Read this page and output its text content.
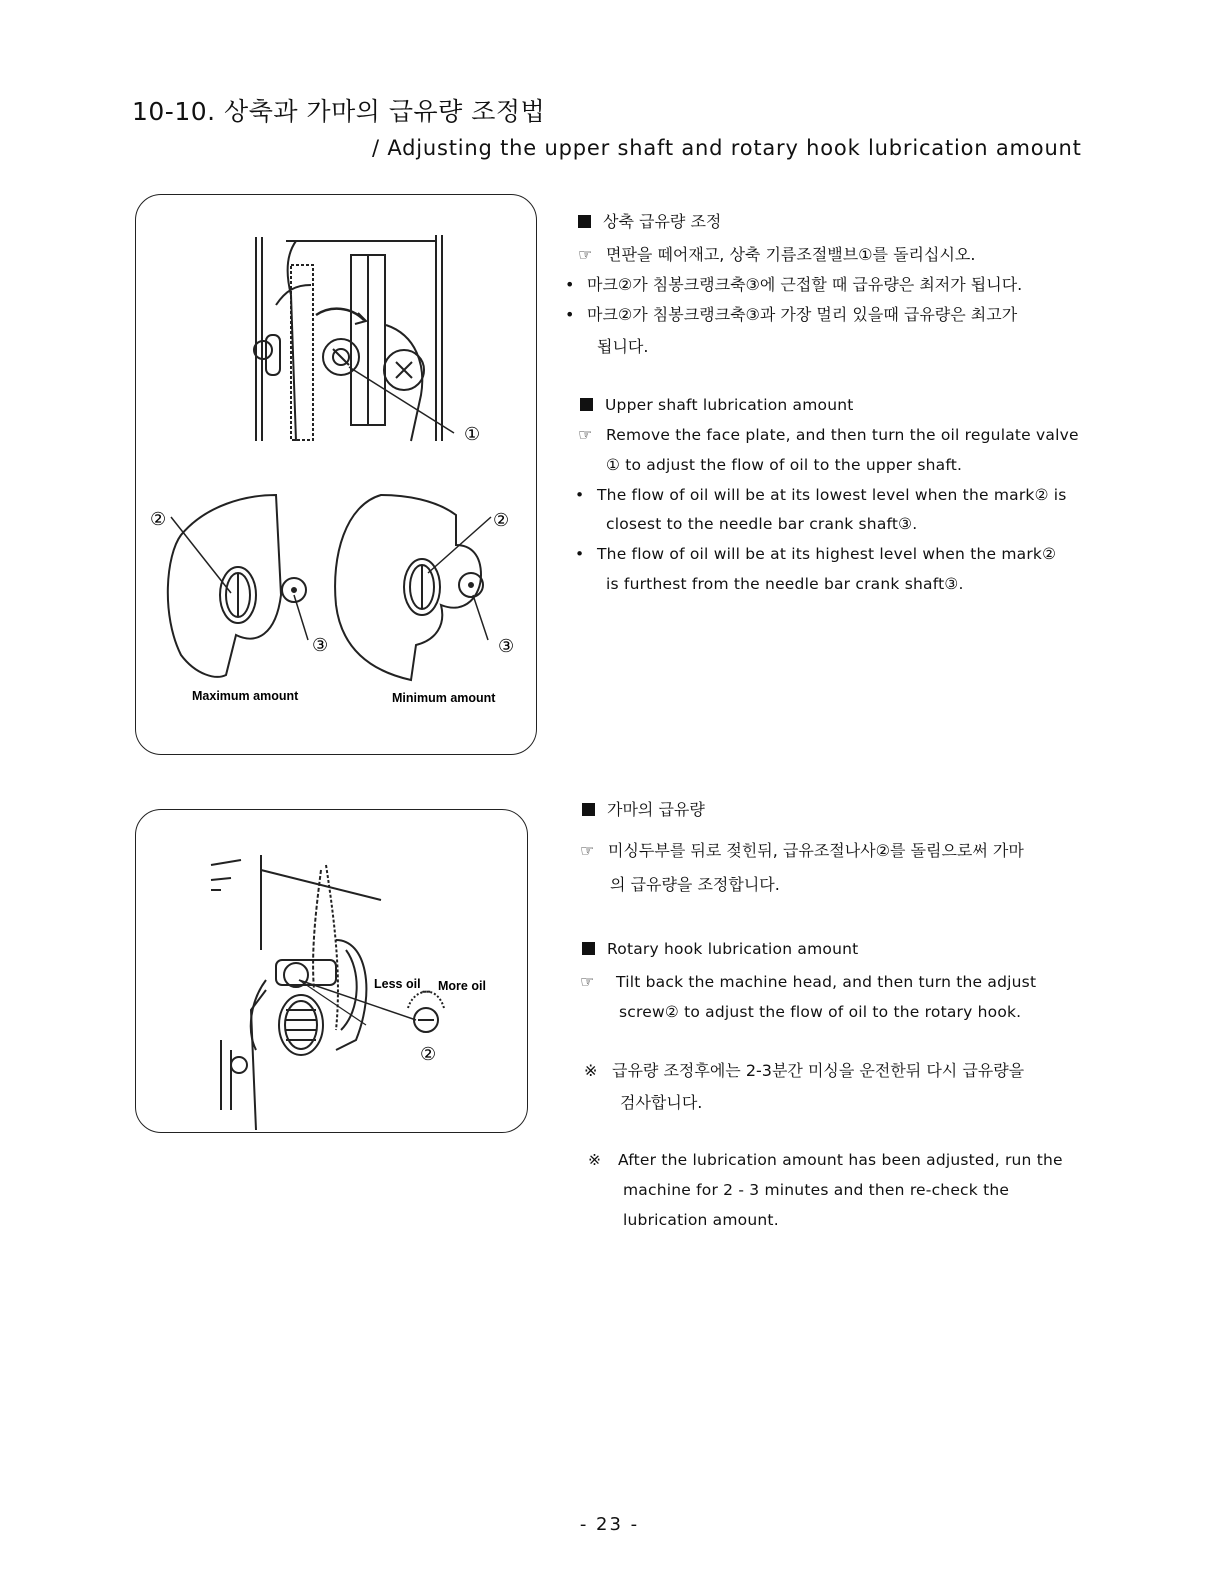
10-10. 상축과 가마의 급유량 조정법
/ Adjusting the upper shaft and rotary hook lubrication amount
①
②	②
③	③
Maximum amount	Minimum amount
Less oil More oil
②
상축 급유량 조정
☞ 면판을 떼어재고, 상축 기름조절밸브①를 돌리십시오.
• 마크②가 침봉크랭크축③에 근접할 때 급유량은 최저가 됩니다.
• 마크②가 침봉크랭크축③과 가장 멀리 있을때 급유량은 최고가
됩니다.
Upper shaft lubrication amount
☞ Remove the face plate, and then turn the oil regulate valve
① to adjust the flow of oil to the upper shaft.
• The flow of oil will be at its lowest level when the mark② is
closest to the needle bar crank shaft③.
• The flow of oil will be at its highest level when the mark②
is furthest from the needle bar crank shaft③.
가마의 급유량
☞ 미싱두부를 뒤로 젖힌뒤, 급유조절나사②를 돌림으로써 가마
의 급유량을 조정합니다.
Rotary hook lubrication amount
☞ Tilt back the machine head, and then turn the adjust
screw② to adjust the flow of oil to the rotary hook.
※ 급유량 조정후에는 2-3분간 미싱을 운전한뒤 다시 급유량을
검사합니다.
※ After the lubrication amount has been adjusted, run the
machine for 2 - 3 minutes and then re-check the
lubrication amount.
- 23 -
